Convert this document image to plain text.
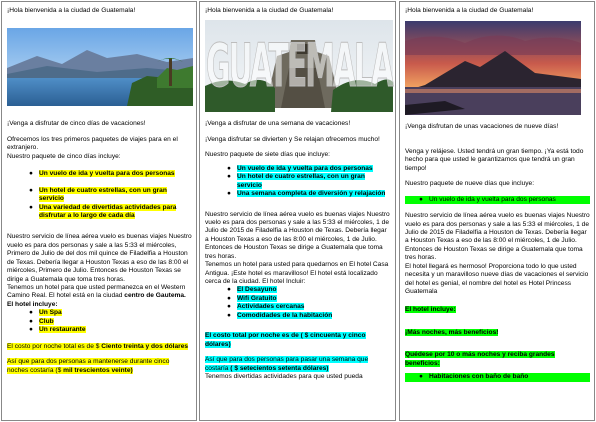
¡Hola bienvenida a la ciudad de Guatemala!

¡Venga a disfrutar de cinco días de vacaciones!

Ofrecemos los tres primeros paquetes de viajes para en el extranjero.

Nuestro paquete de cinco días incluye:

● Un vuelo de ida y vuelta para dos personas
● Un hotel de cuatro estrellas, con un gran servicio
● Una variedad de divertidas actividades para disfrutar a lo largo de cada día

Nuestro servicio de línea aérea vuelo es buenas viajes Nuestro vuelo es para dos personas y sale a las 5:33 el miércoles, Primero de Julio de del dos mil quince de Filadelfia a Houston de Texas. Debería llegar a Houston Texas a eso de las 8:00 el miércoles, Primero de Julio. Entonces de Houston Texas se dirige a Guatemala que toma tres horas.

Tenemos un hotel para que usted permanezca en el Western Camino Real. El hotel está en la ciudad centro de Gautema. El hotel incluye:

● Un Spa
● Club
● Un restaurante

El costo por noche total es de $ Ciento treinta y dos dólares

Así que para dos personas a mantenerse durante cinco noches costaría ($ mil trescientos veinte)

¡Hola bienvenida a la ciudad de Guatemala!

GUATEMALA

¡Venga a disfrutar de una semana de vacaciones!

¡Venga disfrutar se divierten y Se relajan ofrecemos mucho!

Nuestro paquete de siete días que incluye:

● Un vuelo de ida y vuelta para dos personas
● Un hotel de cuatro estrellas, con un gran servicio
● Una semana completa de diversión y relajación

Nuestro servicio de línea aérea vuelo es buenas viajes Nuestro vuelo es para dos personas y sale a las 5:33 el miércoles, 1 de Julio de 2015 de Filadelfia a Houston de Texas. Debería llegar a Houston Texas a eso de las 8:00 el miércoles, 1 de Julio. Entonces de Houston Texas se dirige a Guatemala que toma tres horas.

Tenemos un hotel para usted para quedarnos en El hotel Casa Antigua. ¡Este hotel es maravilloso! El hotel está localizado cerca de la ciudad. El hotel Incluir:

● El Desayuno
● Wifi Gratuito
● Actividades cercanas
● Comodidades de la habitación

El costo total por noche es de ( $ cincuenta y cinco dólares)

Así que para dos personas para pasar una semana que costaría ( $ setecientos setenta dólares)

Tenemos divertidas actividades para que usted pueda

¡Hola bienvenida a la ciudad de Guatemala!

¡Venga disfrutan de unas vacaciones de nueve días!

Venga y relájese. Usted tendrá un gran tiempo. ¡Ya está todo hecho para que usted le garantizamos que tendrá un gran tiempo!

Nuestro paquete de nueve días que incluye:

● Un vuelo de ida y vuelta para dos personas

Nuestro servicio de línea aérea vuelo es buenas viajes Nuestro vuelo es para dos personas y sale a las 5:33 el miércoles, 1 de Julio de 2015 de Filadelfia a Houston de Texas. Debería llegar a Houston Texas a eso de las 8:00 el miércoles, 1 de Julio. Entonces de Houston Texas se dirige a Guatemala que toma tres horas.

El hotel llegará es hermoso! Proporciona todo lo que usted necesita y un maravilloso nueve días de vacaciones el servicio del hotel es genial, el nombre del hotel es Hotel Princess Guatemala

El hotel incluye:

¡Más noches, más beneficios!

Quédese por 10 o más noches y reciba grandes beneficios:

● Habitaciones con baño de baño
